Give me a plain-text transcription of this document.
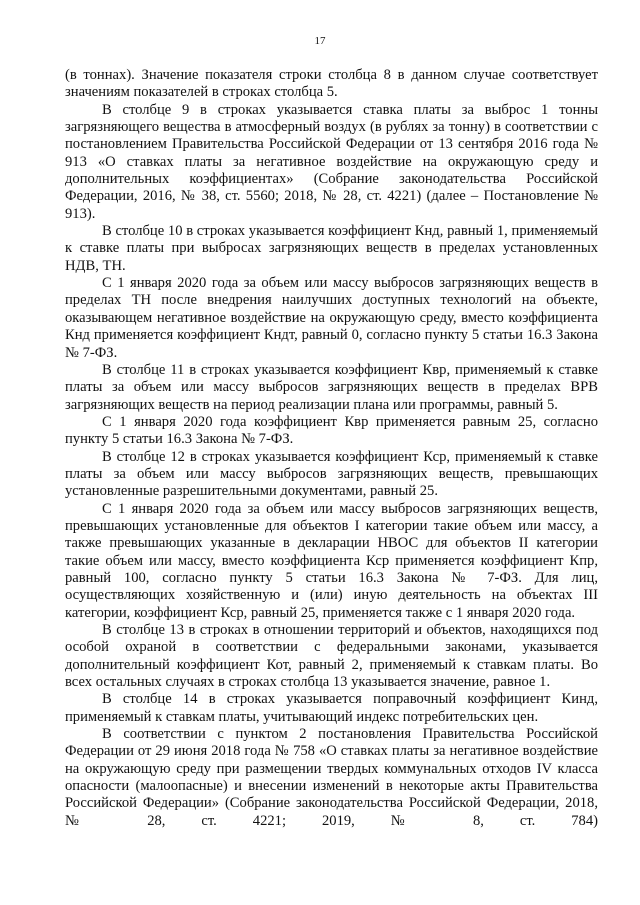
17

(в тоннах). Значение показателя строки столбца 8 в данном случае соответствует значениям показателей в строках столбца 5.

В столбце 9 в строках указывается ставка платы за выброс 1 тонны загрязняющего вещества в атмосферный воздух (в рублях за тонну) в соответствии с постановлением Правительства Российской Федерации от 13 сентября 2016 года № 913 «О ставках платы за негативное воздействие на окружающую среду и дополнительных коэффициентах» (Собрание законодательства Российской Федерации, 2016, № 38, ст. 5560; 2018, № 28, ст. 4221) (далее – Постановление № 913).

В столбце 10 в строках указывается коэффициент Кнд, равный 1, применяемый к ставке платы при выбросах загрязняющих веществ в пределах установленных НДВ, ТН.

С 1 января 2020 года за объем или массу выбросов загрязняющих веществ в пределах ТН после внедрения наилучших доступных технологий на объекте, оказывающем негативное воздействие на окружающую среду, вместо коэффициента Кнд применяется коэффициент Кндт, равный 0, согласно пункту 5 статьи 16.3 Закона № 7-ФЗ.

В столбце 11 в строках указывается коэффициент Квр, применяемый к ставке платы за объем или массу выбросов загрязняющих веществ в пределах ВРВ загрязняющих веществ на период реализации плана или программы, равный 5.

С 1 января 2020 года коэффициент Квр применяется равным 25, согласно пункту 5 статьи 16.3 Закона № 7-ФЗ.

В столбце 12 в строках указывается коэффициент Кср, применяемый к ставке платы за объем или массу выбросов загрязняющих веществ, превышающих установленные разрешительными документами, равный 25.

С 1 января 2020 года за объем или массу выбросов загрязняющих веществ, превышающих установленные для объектов I категории такие объем или массу, а также превышающих указанные в декларации НВОС для объектов II категории такие объем или массу, вместо коэффициента Кср применяется коэффициент Кпр, равный 100, согласно пункту 5 статьи 16.3 Закона № 7-ФЗ. Для лиц, осуществляющих хозяйственную и (или) иную деятельность на объектах III категории, коэффициент Кср, равный 25, применяется также с 1 января 2020 года.

В столбце 13 в строках в отношении территорий и объектов, находящихся под особой охраной в соответствии с федеральными законами, указывается дополнительный коэффициент Кот, равный 2, применяемый к ставкам платы. Во всех остальных случаях в строках столбца 13 указывается значение, равное 1.

В столбце 14 в строках указывается поправочный коэффициент Кинд, применяемый к ставкам платы, учитывающий индекс потребительских цен.

В соответствии с пунктом 2 постановления Правительства Российской Федерации от 29 июня 2018 года № 758 «О ставках платы за негативное воздействие на окружающую среду при размещении твердых коммунальных отходов IV класса опасности (малоопасные) и внесении изменений в некоторые акты Правительства Российской Федерации» (Собрание законодательства Российской Федерации, 2018, № 28, ст. 4221; 2019, № 8, ст. 784)
